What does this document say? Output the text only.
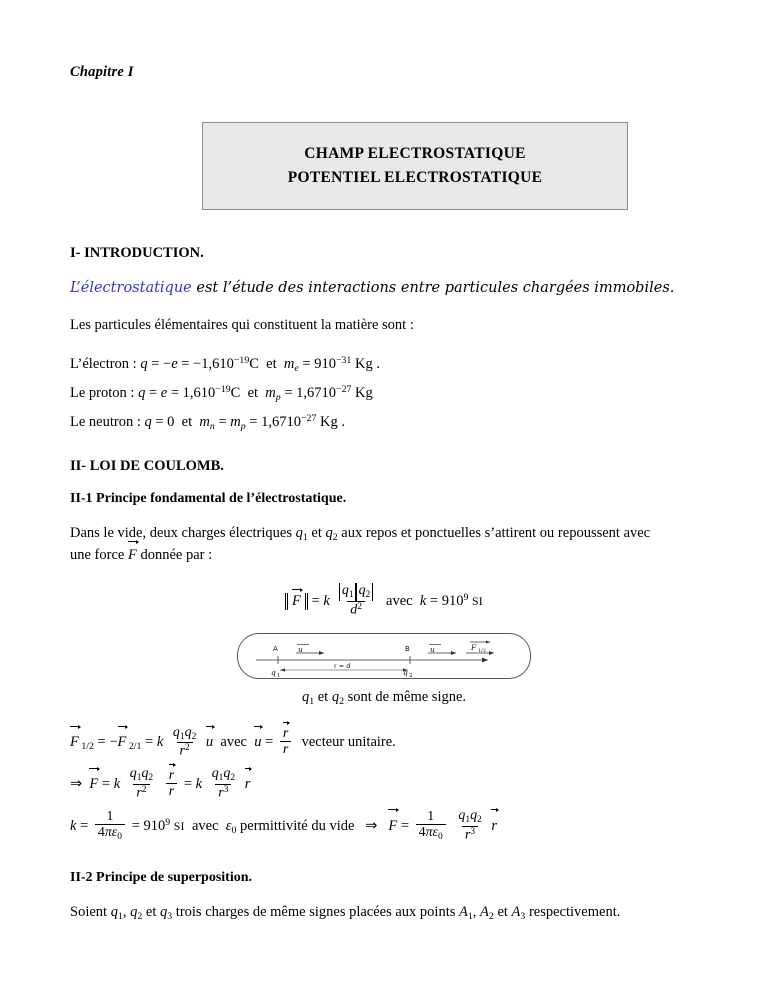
Chapitre I
CHAMP ELECTROSTATIQUE
POTENTIEL ELECTROSTATIQUE
I- INTRODUCTION.

L’électrostatique est l’étude des interactions entre particules chargées immobiles.

Les particules élémentaires qui constituent la matière sont :

L’électron : $q = -e = -1,610^{-19}C$  et  $m_e = 910^{-31}$ Kg .
Le proton : $q = e = 1,610^{-19}C$  et  $m_p = 1,6710^{-27}$ Kg
Le neutron : q = 0  et  $m_n = m_p = 1,6710^{-27}$ Kg .
II- LOI DE COULOMB.
II-1 Principe fondamental de l’électrostatique.

Dans le vide, deux charges électriques $q_1$ et $q_2$ aux repos et ponctuelles s’attirent ou repoussent avec
une force F donnée par :

F = k $\frac{q_1 q_2}{d^2}$ avec $k = 910^9$ SI
A	B
u	u	F 1/2
q 1	q 2
r = d
$q_1$ et $q_2$ sont de même signe.
F $_{1/2}$ = −F $_{2/1}$ = k $\frac{q_1q_2}{r^2}$ u avec $u = \frac{r}{r}$ vecteur unitaire.
⇒  F = k $\frac{q_1q_2}{r^2}$
$\frac{r}{r} = k \frac{q_1q_2}{r^3}$ r
$k = \frac{1}{4\pi\varepsilon_0} = 910^9$ SI avec $\varepsilon_0$ permittivité du vide   ⇒   $F = \frac{1}{4\pi\varepsilon_0}$
$\frac{q_1q_2}{r^3}$ r
II-2 Principe de superposition.

Soient $q_1$, $q_2$ et $q_3$ trois charges de même signes placées aux points $A_1$, $A_2$ et $A_3$ respectivement.
